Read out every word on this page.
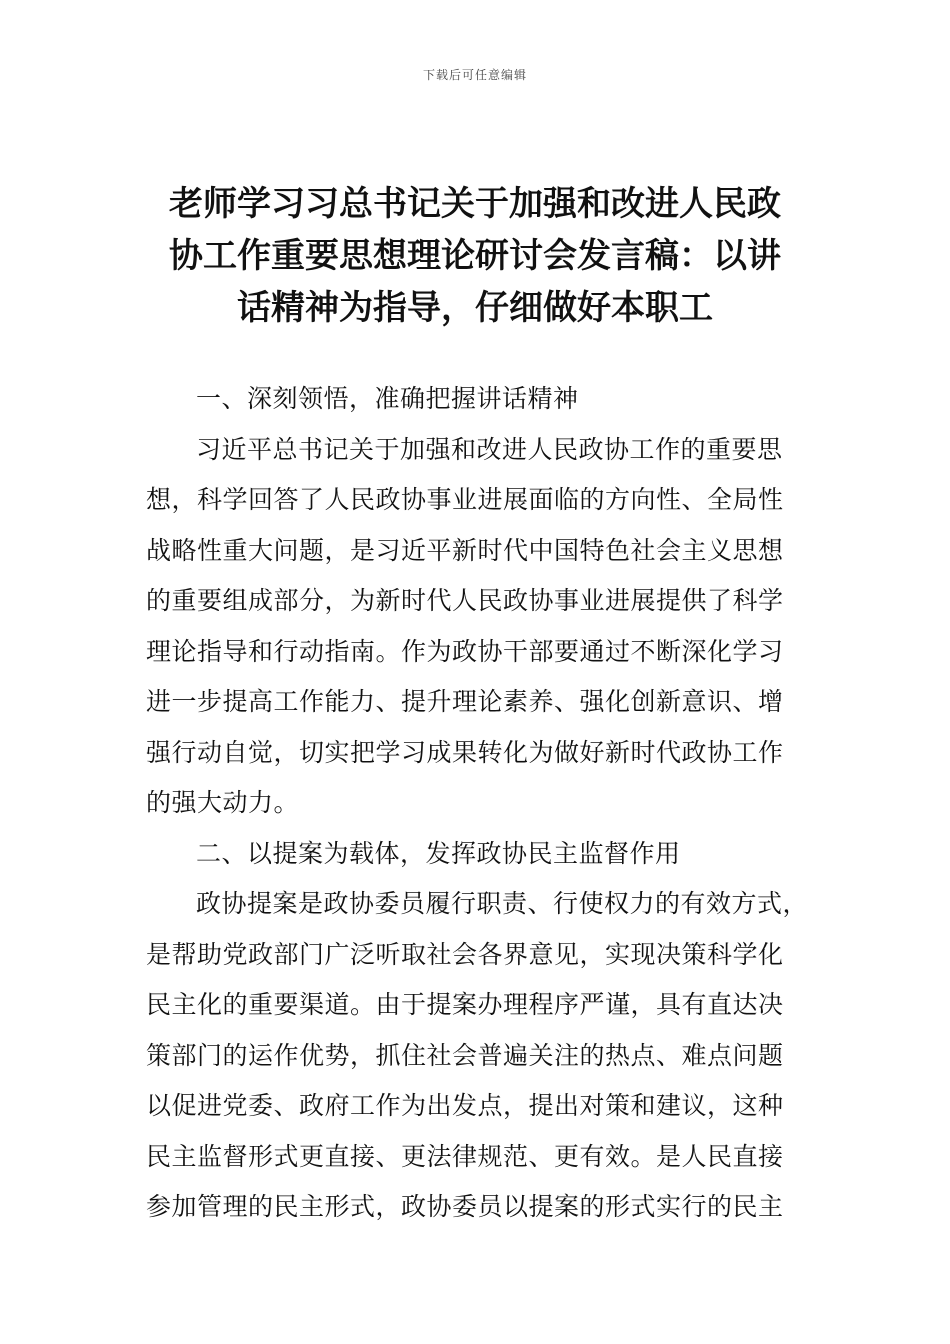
下载后可任意编辑
老师学习习总书记关于加强和改进人民政
协工作重要思想理论研讨会发言稿：以讲
话精神为指导，仔细做好本职工
一、深刻领悟，准确把握讲话精神
习近平总书记关于加强和改进人民政协工作的重要思
想，科学回答了人民政协事业进展面临的方向性、全局性
战略性重大问题，是习近平新时代中国特色社会主义思想
的重要组成部分，为新时代人民政协事业进展提供了科学
理论指导和行动指南。作为政协干部要通过不断深化学习
进一步提高工作能力、提升理论素养、强化创新意识、增
强行动自觉，切实把学习成果转化为做好新时代政协工作
的强大动力。
二、以提案为载体，发挥政协民主监督作用
政协提案是政协委员履行职责、行使权力的有效方式，
是帮助党政部门广泛听取社会各界意见，实现决策科学化
民主化的重要渠道。由于提案办理程序严谨，具有直达决
策部门的运作优势，抓住社会普遍关注的热点、难点问题
以促进党委、政府工作为出发点，提出对策和建议，这种
民主监督形式更直接、更法律规范、更有效。是人民直接
参加管理的民主形式，政协委员以提案的形式实行的民主
